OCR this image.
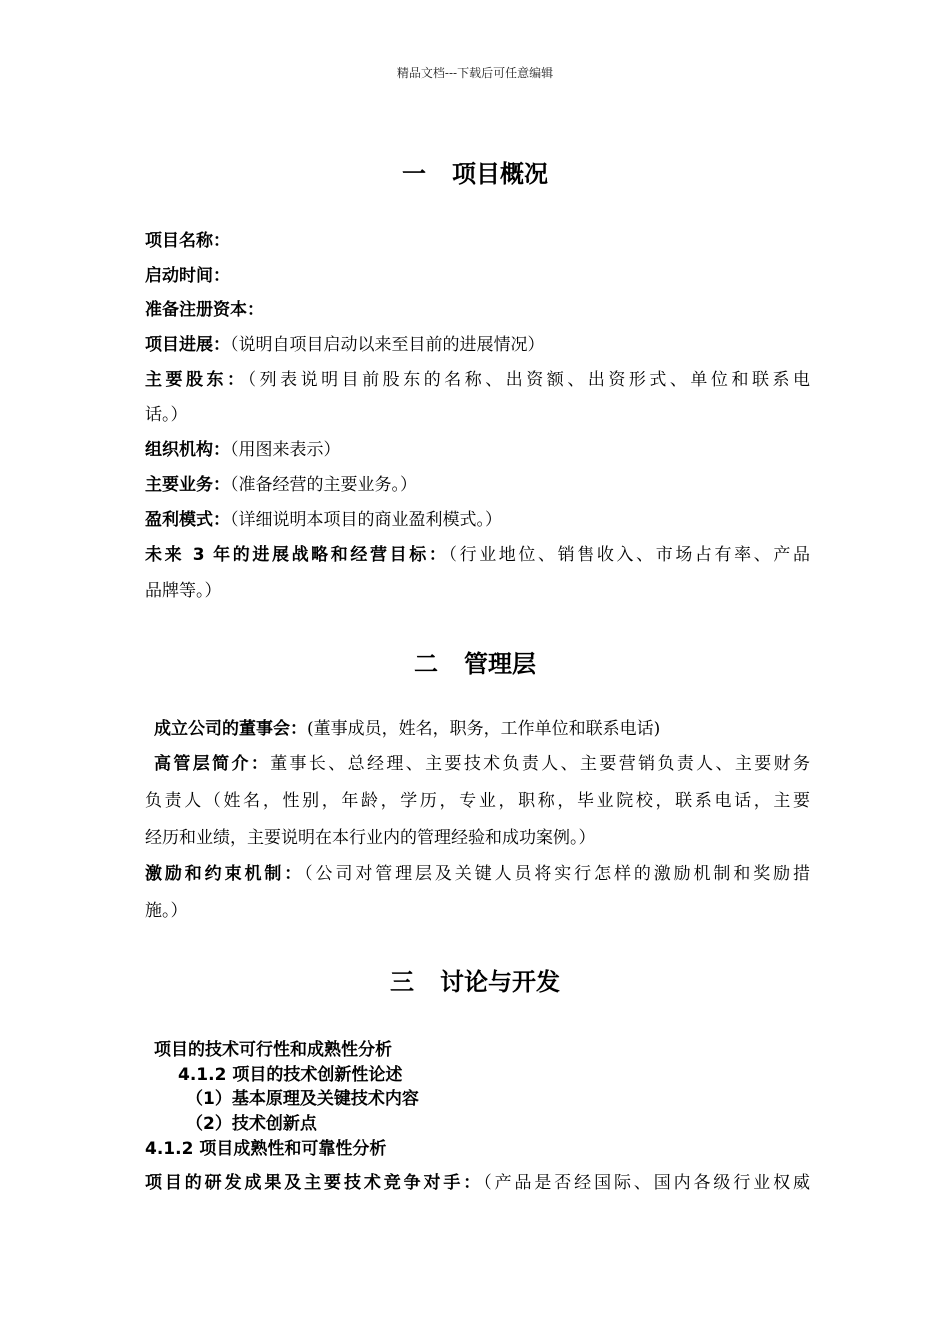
精品文档---下载后可任意编辑
一 项目概况
项目名称：
启动时间：
准备注册资本：
项目进展：（说明自项目启动以来至目前的进展情况）
主要股东：（列表说明目前股东的名称、出资额、出资形式、单位和联系电
话。）
组织机构：（用图来表示）
主要业务：（准备经营的主要业务。）
盈利模式：（详细说明本项目的商业盈利模式。）
未来 3 年的进展战略和经营目标：（行业地位、销售收入、市场占有率、产品
品牌等。）
二 管理层
成立公司的董事会：(董事成员，姓名，职务，工作单位和联系电话)
高管层简介：董事长、总经理、主要技术负责人、主要营销负责人、主要财务
负责人（姓名，性别，年龄，学历，专业，职称，毕业院校，联系电话，主要
经历和业绩，主要说明在本行业内的管理经验和成功案例。）
激励和约束机制：（公司对管理层及关键人员将实行怎样的激励机制和奖励措
施。）
三 讨论与开发
项目的技术可行性和成熟性分析
4.1.2 项目的技术创新性论述
（1）基本原理及关键技术内容
（2）技术创新点
4.1.2 项目成熟性和可靠性分析
项目的研发成果及主要技术竞争对手：（产品是否经国际、国内各级行业权威
